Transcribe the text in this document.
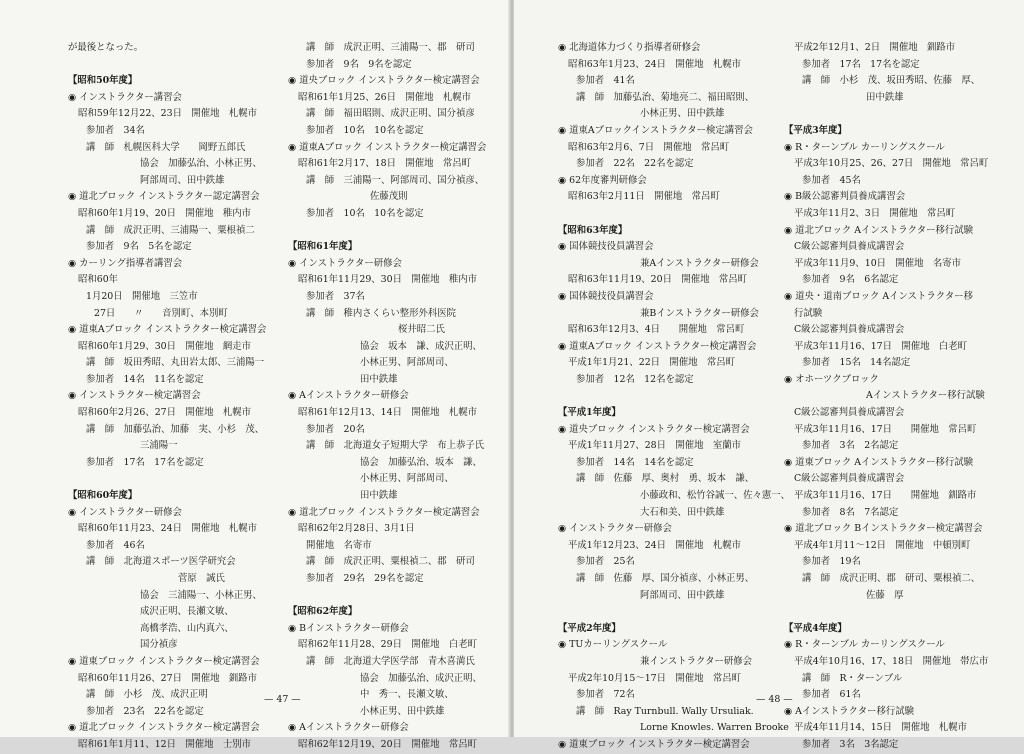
が最後となった。
【昭和50年度】
◉ インストラクター講習会
昭和59年12月22、23日　開催地　札幌市
参加者　34名
講　師　札幌医科大学　　岡野五郎氏
協会　加藤弘治、小林正男、
阿部周司、田中鉄雄
◉ 道北ブロック インストラクター認定講習会
昭和60年1月19、20日　開催地　稚内市
講　師　成沢正明、三浦陽一、粟根禎二
参加者　9名　5名を認定
◉ カーリング指導者講習会
昭和60年
1月20日　開催地　三笠市
27日　　〃　　音別町、本別町
◉ 道東Aブロック インストラクター検定講習会
昭和60年1月29、30日　開催地　網走市
講　師　坂田秀昭、丸田岩太郎、三浦陽一
参加者　14名　11名を認定
◉ インストラクター検定講習会
昭和60年2月26、27日　開催地　札幌市
講　師　加藤弘治、加藤　実、小杉　茂、
三浦陽一
参加者　17名　17名を認定
【昭和60年度】
◉ インストラクター研修会
昭和60年11月23、24日　開催地　札幌市
参加者　46名
講　師　北海道スポーツ医学研究会
菅原　誠氏
協会　三浦陽一、小林正男、
成沢正明、長瀬文敏、
高橋孝浩、山内真六、
国分禎彦
◉ 道東ブロック インストラクター検定講習会
昭和60年11月26、27日　開催地　釧路市
講　師　小杉　茂、成沢正明
参加者　23名　22名を認定
◉ 道北ブロック インストラクター検定講習会
昭和61年1月11、12日　開催地　士別市
講　師　成沢正明、三浦陽一、郡　研司
参加者　9名　9名を認定
◉ 道央ブロック インストラクター検定講習会
昭和61年1月25、26日　開催地　札幌市
講　師　福田昭則、成沢正明、国分禎彦
参加者　10名　10名を認定
◉ 道東Aブロック インストラクター検定講習会
昭和61年2月17、18日　開催地　常呂町
講　師　三浦陽一、阿部周司、国分禎彦、
佐藤茂則
参加者　10名　10名を認定
【昭和61年度】
◉ インストラクター研修会
昭和61年11月29、30日　開催地　稚内市
参加者　37名
講　師　稚内さくらい整形外科医院
桜井昭二氏
協会　坂本　謙、成沢正明、
小林正男、阿部周司、
田中鉄雄
◉ Aインストラクター研修会
昭和61年12月13、14日　開催地　札幌市
参加者　20名
講　師　北海道女子短期大学　布上恭子氏
協会　加藤弘治、坂本　謙、
小林正男、阿部周司、
田中鉄雄
◉ 道北ブロック インストラクター検定講習会
昭和62年2月28日、3月1日
開催地　名寄市
講　師　成沢正明、粟根禎二、郡　研司
参加者　29名　29名を認定
【昭和62年度】
◉ Bインストラクター研修会
昭和62年11月28、29日　開催地　白老町
講　師　北海道大学医学部　青木喜満氏
協会　加藤弘治、成沢正明、
中　秀一、長瀬文敏、
小林正男、田中鉄雄
◉ Aインストラクター研修会
昭和62年12月19、20日　開催地　常呂町
— 47 —
◉ 北海道体力づくり指導者研修会
昭和63年1月23、24日　開催地　札幌市
参加者　41名
講　師　加藤弘治、菊地亮二、福田昭則、
小林正男、田中鉄雄
◉ 道東Aブロックインストラクター検定講習会
昭和63年2月6、7日　開催地　常呂町
参加者　22名　22名を認定
◉ 62年度審判研修会
昭和63年2月11日　開催地　常呂町
【昭和63年度】
◉ 国体競技役員講習会
兼Aインストラクター研修会
昭和63年11月19、20日　開催地　常呂町
◉ 国体競技役員講習会
兼Bインストラクター研修会
昭和63年12月3、4日　　開催地　常呂町
◉ 道東Aブロック インストラクター検定講習会
平成1年1月21、22日　開催地　常呂町
参加者　12名　12名を認定
【平成1年度】
◉ 道央ブロック インストラクター検定講習会
平成1年11月27、28日　開催地　室蘭市
参加者　14名　14名を認定
講　師　佐藤　厚、奥村　勇、坂本　謙、
小藤政和、松竹谷誠一、佐々憲一、
大石和美、田中鉄雄
◉ インストラクター研修会
平成1年12月23、24日　開催地　札幌市
参加者　25名
講　師　佐藤　厚、国分禎彦、小林正男、
阿部周司、田中鉄雄
【平成2年度】
◉ TUカーリングスクール
兼インストラクター研修会
平成2年10月15〜17日　開催地　常呂町
参加者　72名
講　師　Ray Turnbull. Wally Ursuliak.
Lorne Knowles. Warren Brooke
◉ 道東ブロック インストラクター検定講習会
平成2年12月1、2日　開催地　釧路市
参加者　17名　17名を認定
講　師　小杉　茂、坂田秀昭、佐藤　厚、
田中鉄雄
【平成3年度】
◉ R・ターンブル カーリングスクール
平成3年10月25、26、27日　開催地　常呂町
参加者　45名
◉ B級公認審判員養成講習会
平成3年11月2、3日　開催地　常呂町
◉ 道北ブロック Aインストラクター移行試験
C級公認審判員養成講習会
平成3年11月9、10日　開催地　名寄市
参加者　9名　6名認定
◉ 道央・道南ブロック Aインストラクター移
行試験
C級公認審判員養成講習会
平成3年11月16、17日　開催地　白老町
参加者　15名　14名認定
◉ オホーツクブロック
Aインストラクター移行試験
C級公認審判員養成講習会
平成3年11月16、17日　　開催地　常呂町
参加者　3名　2名認定
◉ 道東ブロック Aインストラクター移行試験
C級公認審判員養成講習会
平成3年11月16、17日　　開催地　釧路市
参加者　8名　7名認定
◉ 道北ブロック Bインストラクター検定講習会
平成4年1月11〜12日　開催地　中頓別町
参加者　19名
講　師　成沢正明、郡　研司、粟根禎二、
佐藤　厚
【平成4年度】
◉ R・ターンブル カーリングスクール
平成4年10月16、17、18日　開催地　帯広市
講　師　R・ターンブル
参加者　61名
◉ Aインストラクター移行試験
平成4年11月14、15日　開催地　札幌市
参加者　3名　3名認定
— 48 —
